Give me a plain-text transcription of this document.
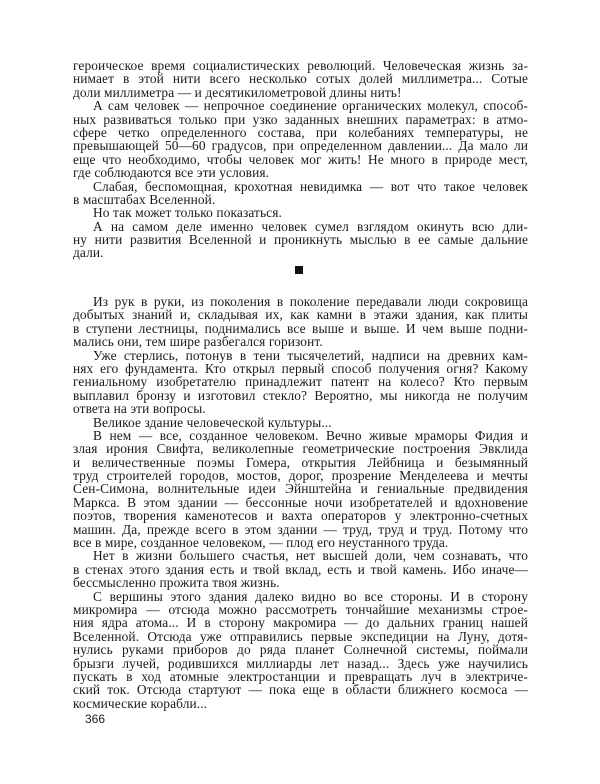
героическое время социалистических революций. Человеческая жизнь за-
нимает в этой нити всего несколько сотых долей миллиметра... Сотые
доли миллиметра — и десятикилометровой длины нить!
А сам человек — непрочное соединение органических молекул, способ-
ных развиваться только при узко заданных внешних параметрах: в атмо-
сфере четко определенного состава, при колебаниях температуры, не
превышающей 50—60 градусов, при определенном давлении... Да мало ли
еще что необходимо, чтобы человек мог жить! Не много в природе мест,
где соблюдаются все эти условия.
Слабая, беспомощная, крохотная невидимка — вот что такое человек
в масштабах Вселенной.
Но так может только показаться.
А на самом деле именно человек сумел взглядом окинуть всю дли-
ну нити развития Вселенной и проникнуть мыслью в ее самые дальние
дали.
Из рук в руки, из поколения в поколение передавали люди сокровища
добытых знаний и, складывая их, как камни в этажи здания, как плиты
в ступени лестницы, поднимались все выше и выше. И чем выше подни-
мались они, тем шире разбегался горизонт.
Уже стерлись, потонув в тени тысячелетий, надписи на древних кам-
нях его фундамента. Кто открыл первый способ получения огня? Какому
гениальному изобретателю принадлежит патент на колесо? Кто первым
выплавил бронзу и изготовил стекло? Вероятно, мы никогда не получим
ответа на эти вопросы.
Великое здание человеческой культуры...
В нем — все, созданное человеком. Вечно живые мраморы Фидия и
злая ирония Свифта, великолепные геометрические построения Эвклида
и величественные поэмы Гомера, открытия Лейбница и безымянный
труд строителей городов, мостов, дорог, прозрение Менделеева и мечты
Сен-Симона, волнительные идеи Эйнштейна и гениальные предвидения
Маркса. В этом здании — бессонные ночи изобретателей и вдохновение
поэтов, творения каменотесов и вахта операторов у электронно-счетных
машин. Да, прежде всего в этом здании — труд, труд и труд. Потому что
все в мире, созданное человеком, — плод его неустанного труда.
Нет в жизни большего счастья, нет высшей доли, чем сознавать, что
в стенах этого здания есть и твой вклад, есть и твой камень. Ибо иначе—
бессмысленно прожита твоя жизнь.
С вершины этого здания далеко видно во все стороны. И в сторону
микромира — отсюда можно рассмотреть тончайшие механизмы строе-
ния ядра атома... И в сторону макромира — до дальних границ нашей
Вселенной. Отсюда уже отправились первые экспедиции на Луну, дотя-
нулись руками приборов до ряда планет Солнечной системы, поймали
брызги лучей, родившихся миллиарды лет назад... Здесь уже научились
пускать в ход атомные электростанции и превращать луч в электриче-
ский ток. Отсюда стартуют — пока еще в области ближнего космоса —
космические корабли...
366
